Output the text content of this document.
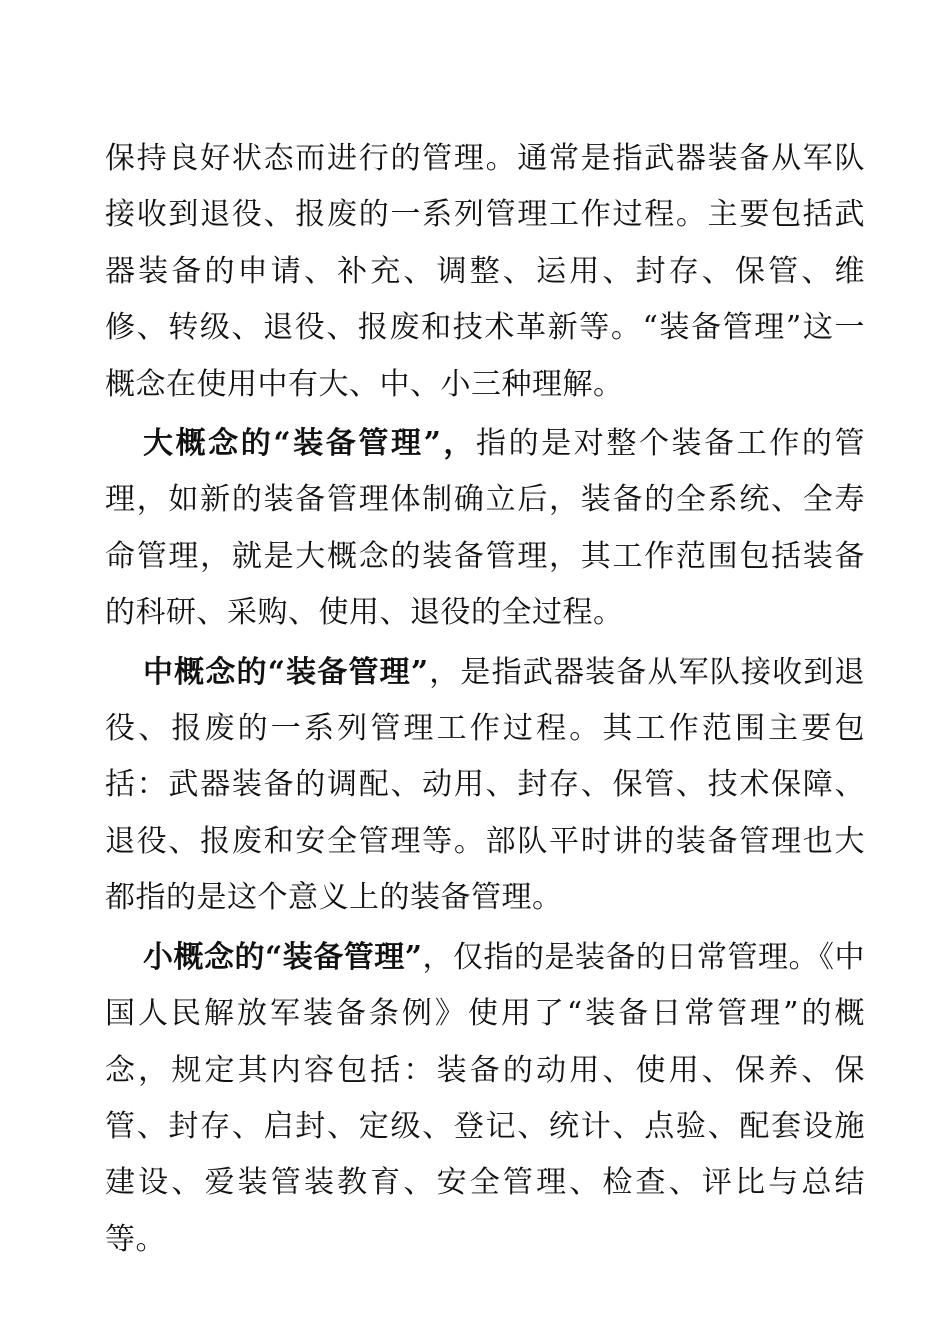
保持良好状态而进行的管理。通常是指武器装备从军队接收到退役、报废的一系列管理工作过程。主要包括武器装备的申请、补充、调整、运用、封存、保管、维修、转级、退役、报废和技术革新等。“装备管理”这一概念在使用中有大、中、小三种理解。

大概念的“装备管理”，指的是对整个装备工作的管理，如新的装备管理体制确立后，装备的全系统、全寿命管理，就是大概念的装备管理，其工作范围包括装备的科研、采购、使用、退役的全过程。

中概念的“装备管理”，是指武器装备从军队接收到退役、报废的一系列管理工作过程。其工作范围主要包括：武器装备的调配、动用、封存、保管、技术保障、退役、报废和安全管理等。部队平时讲的装备管理也大都指的是这个意义上的装备管理。

小概念的“装备管理”，仅指的是装备的日常管理。《中国人民解放军装备条例》使用了“装备日常管理”的概念，规定其内容包括：装备的动用、使用、保养、保管、封存、启封、定级、登记、统计、点验、配套设施建设、爱装管装教育、安全管理、检查、评比与总结等。
